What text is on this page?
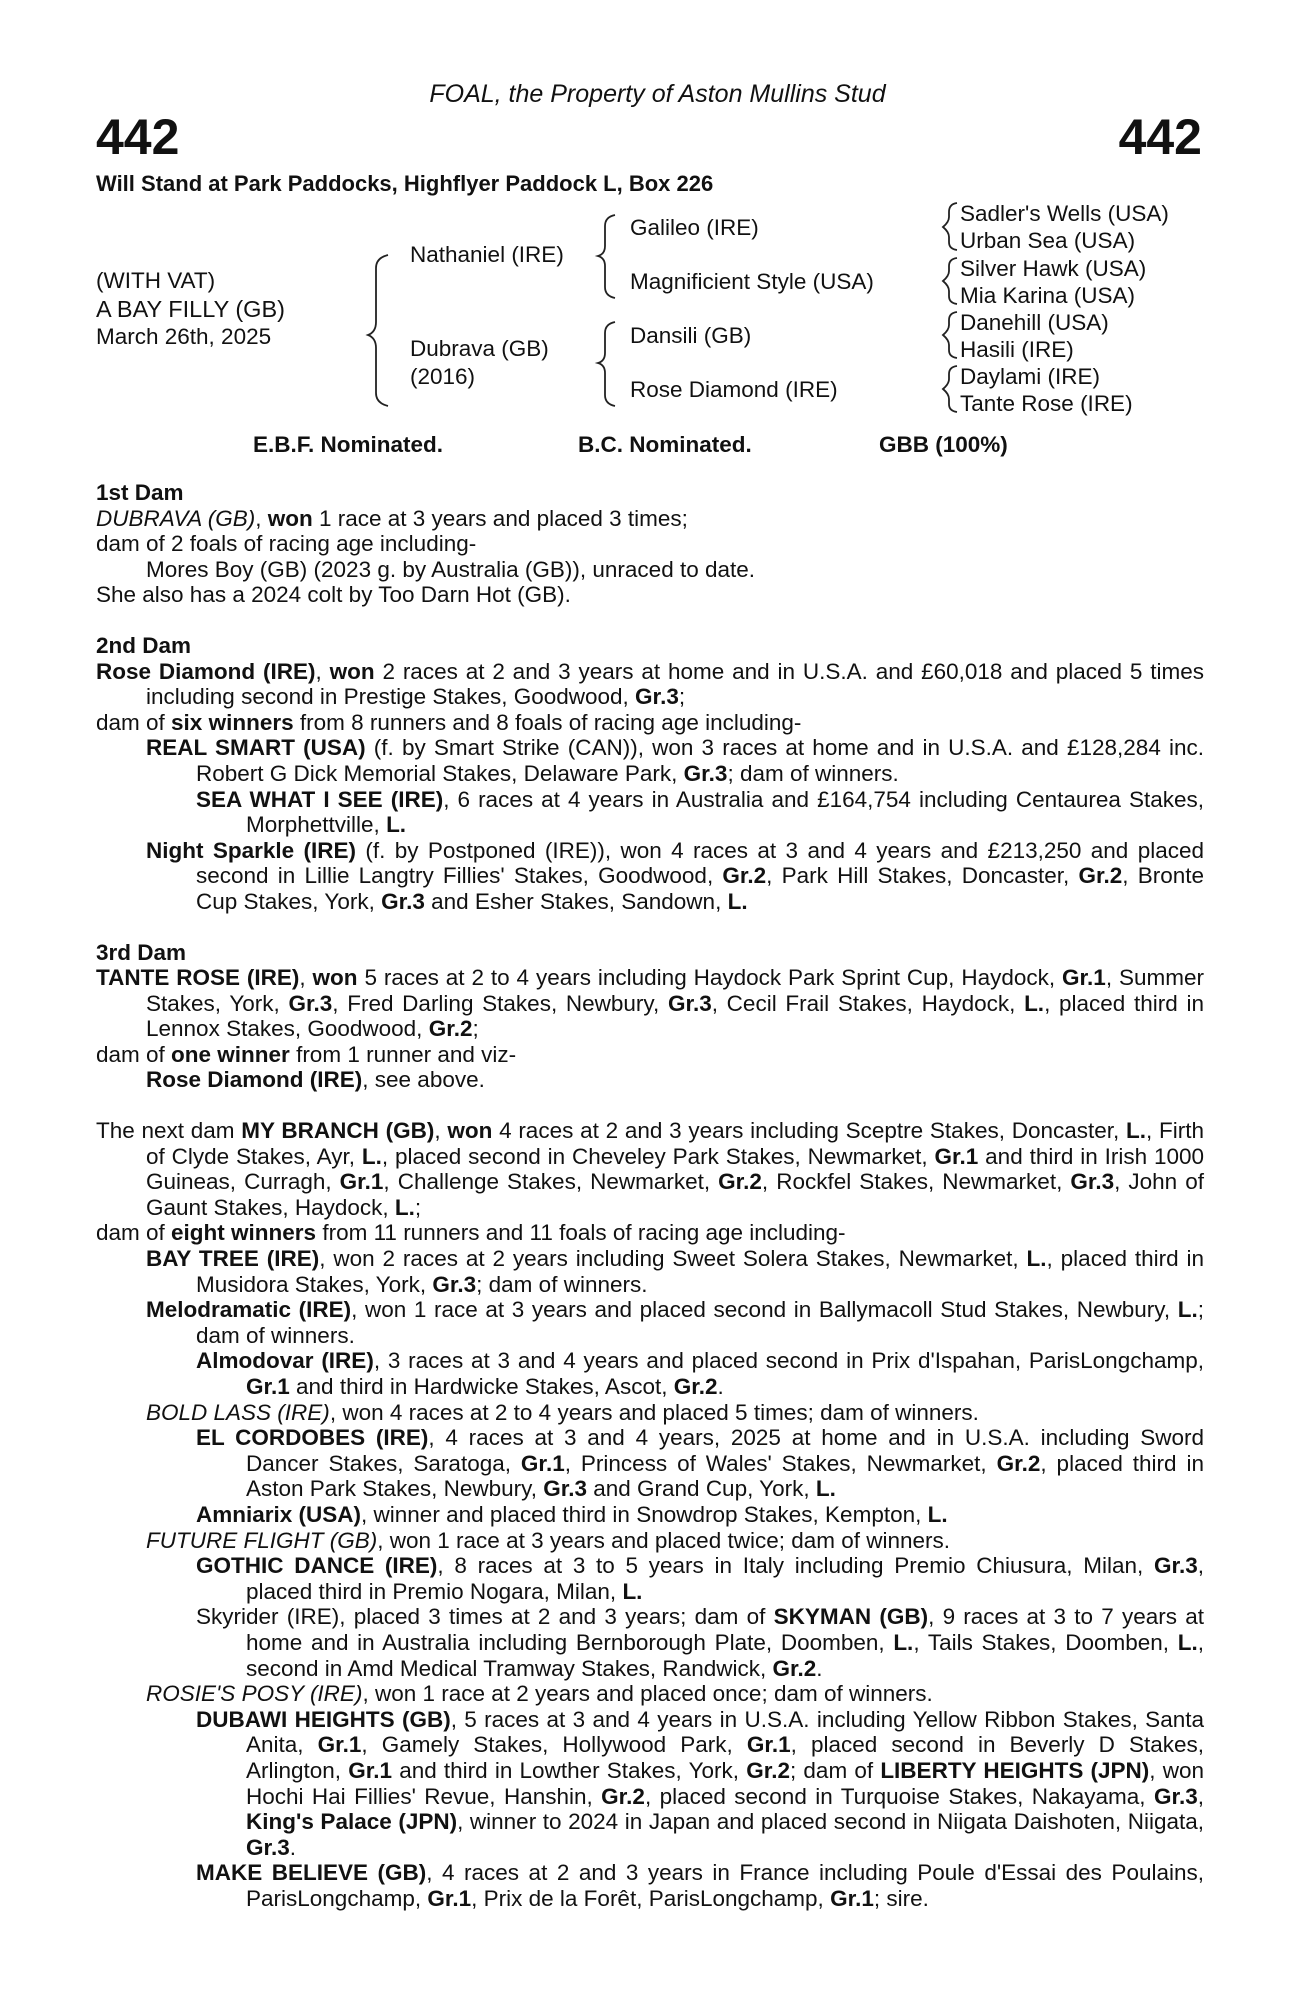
FOAL, the Property of Aston Mullins Stud
442	442
Will Stand at Park Paddocks, Highflyer Paddock L, Box 226
(WITH VAT)
A BAY FILLY (GB)
March 26th, 2025
Nathaniel (IRE)
Dubrava (GB)
(2016)
Galileo (IRE)
Magnificient Style (USA)
Dansili (GB)
Rose Diamond (IRE)
Sadler's Wells (USA)
Urban Sea (USA)
Silver Hawk (USA)
Mia Karina (USA)
Danehill (USA)
Hasili (IRE)
Daylami (IRE)
Tante Rose (IRE)
E.B.F. Nominated.	B.C. Nominated.	GBB (100%)
1st Dam
DUBRAVA (GB), won 1 race at 3 years and placed 3 times;
dam of 2 foals of racing age including-
Mores Boy (GB) (2023 g. by Australia (GB)), unraced to date.
She also has a 2024 colt by Too Darn Hot (GB).
2nd Dam
Rose Diamond (IRE), won 2 races at 2 and 3 years at home and in U.S.A. and £60,018 and placed 5 times including second in Prestige Stakes, Goodwood, Gr.3;
dam of six winners from 8 runners and 8 foals of racing age including-
REAL SMART (USA) (f. by Smart Strike (CAN)), won 3 races at home and in U.S.A. and £128,284 inc. Robert G Dick Memorial Stakes, Delaware Park, Gr.3; dam of winners.
SEA WHAT I SEE (IRE), 6 races at 4 years in Australia and £164,754 including Centaurea Stakes, Morphettville, L.
Night Sparkle (IRE) (f. by Postponed (IRE)), won 4 races at 3 and 4 years and £213,250 and placed second in Lillie Langtry Fillies' Stakes, Goodwood, Gr.2, Park Hill Stakes, Doncaster, Gr.2, Bronte Cup Stakes, York, Gr.3 and Esher Stakes, Sandown, L.
3rd Dam
TANTE ROSE (IRE), won 5 races at 2 to 4 years including Haydock Park Sprint Cup, Haydock, Gr.1, Summer Stakes, York, Gr.3, Fred Darling Stakes, Newbury, Gr.3, Cecil Frail Stakes, Haydock, L., placed third in Lennox Stakes, Goodwood, Gr.2;
dam of one winner from 1 runner and viz-
Rose Diamond (IRE), see above.
The next dam MY BRANCH (GB), won 4 races at 2 and 3 years including Sceptre Stakes, Doncaster, L., Firth of Clyde Stakes, Ayr, L., placed second in Cheveley Park Stakes, Newmarket, Gr.1 and third in Irish 1000 Guineas, Curragh, Gr.1, Challenge Stakes, Newmarket, Gr.2, Rockfel Stakes, Newmarket, Gr.3, John of Gaunt Stakes, Haydock, L.;
dam of eight winners from 11 runners and 11 foals of racing age including-
BAY TREE (IRE), won 2 races at 2 years including Sweet Solera Stakes, Newmarket, L., placed third in Musidora Stakes, York, Gr.3; dam of winners.
Melodramatic (IRE), won 1 race at 3 years and placed second in Ballymacoll Stud Stakes, Newbury, L.; dam of winners.
Almodovar (IRE), 3 races at 3 and 4 years and placed second in Prix d'Ispahan, ParisLongchamp, Gr.1 and third in Hardwicke Stakes, Ascot, Gr.2.
BOLD LASS (IRE), won 4 races at 2 to 4 years and placed 5 times; dam of winners.
EL CORDOBES (IRE), 4 races at 3 and 4 years, 2025 at home and in U.S.A. including Sword Dancer Stakes, Saratoga, Gr.1, Princess of Wales' Stakes, Newmarket, Gr.2, placed third in Aston Park Stakes, Newbury, Gr.3 and Grand Cup, York, L.
Amniarix (USA), winner and placed third in Snowdrop Stakes, Kempton, L.
FUTURE FLIGHT (GB), won 1 race at 3 years and placed twice; dam of winners.
GOTHIC DANCE (IRE), 8 races at 3 to 5 years in Italy including Premio Chiusura, Milan, Gr.3, placed third in Premio Nogara, Milan, L.
Skyrider (IRE), placed 3 times at 2 and 3 years; dam of SKYMAN (GB), 9 races at 3 to 7 years at home and in Australia including Bernborough Plate, Doomben, L., Tails Stakes, Doomben, L., second in Amd Medical Tramway Stakes, Randwick, Gr.2.
ROSIE'S POSY (IRE), won 1 race at 2 years and placed once; dam of winners.
DUBAWI HEIGHTS (GB), 5 races at 3 and 4 years in U.S.A. including Yellow Ribbon Stakes, Santa Anita, Gr.1, Gamely Stakes, Hollywood Park, Gr.1, placed second in Beverly D Stakes, Arlington, Gr.1 and third in Lowther Stakes, York, Gr.2; dam of LIBERTY HEIGHTS (JPN), won Hochi Hai Fillies' Revue, Hanshin, Gr.2, placed second in Turquoise Stakes, Nakayama, Gr.3, King's Palace (JPN), winner to 2024 in Japan and placed second in Niigata Daishoten, Niigata, Gr.3.
MAKE BELIEVE (GB), 4 races at 2 and 3 years in France including Poule d'Essai des Poulains, ParisLongchamp, Gr.1, Prix de la Forêt, ParisLongchamp, Gr.1; sire.
